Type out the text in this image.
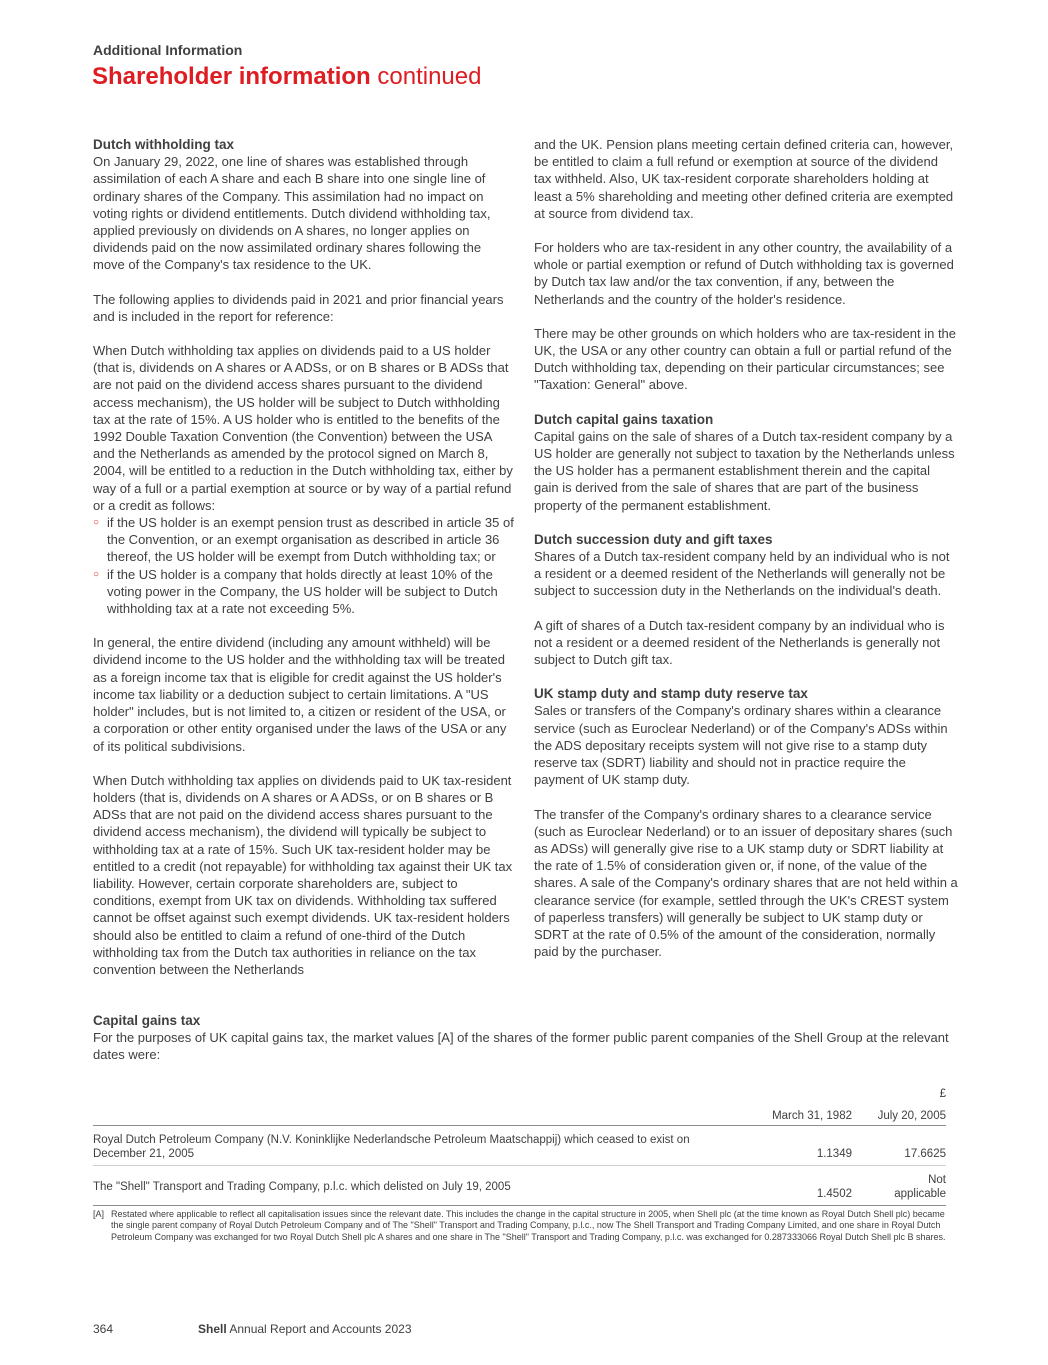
Additional Information
Shareholder information continued
Dutch withholding tax

On January 29, 2022, one line of shares was established through assimilation of each A share and each B share into one single line of ordinary shares of the Company. This assimilation had no impact on voting rights or dividend entitlements. Dutch dividend withholding tax, applied previously on dividends on A shares, no longer applies on dividends paid on the now assimilated ordinary shares following the move of the Company's tax residence to the UK.

The following applies to dividends paid in 2021 and prior financial years and is included in the report for reference:

When Dutch withholding tax applies on dividends paid to a US holder (that is, dividends on A shares or A ADSs, or on B shares or B ADSs that are not paid on the dividend access shares pursuant to the dividend access mechanism), the US holder will be subject to Dutch withholding tax at the rate of 15%. A US holder who is entitled to the benefits of the 1992 Double Taxation Convention (the Convention) between the USA and the Netherlands as amended by the protocol signed on March 8, 2004, will be entitled to a reduction in the Dutch withholding tax, either by way of a full or a partial exemption at source or by way of a partial refund or a credit as follows:

○ if the US holder is an exempt pension trust as described in article 35 of the Convention, or an exempt organisation as described in article 36 thereof, the US holder will be exempt from Dutch withholding tax; or
○ if the US holder is a company that holds directly at least 10% of the voting power in the Company, the US holder will be subject to Dutch withholding tax at a rate not exceeding 5%.

In general, the entire dividend (including any amount withheld) will be dividend income to the US holder and the withholding tax will be treated as a foreign income tax that is eligible for credit against the US holder's income tax liability or a deduction subject to certain limitations. A "US holder" includes, but is not limited to, a citizen or resident of the USA, or a corporation or other entity organised under the laws of the USA or any of its political subdivisions.

When Dutch withholding tax applies on dividends paid to UK tax-resident holders (that is, dividends on A shares or A ADSs, or on B shares or B ADSs that are not paid on the dividend access shares pursuant to the dividend access mechanism), the dividend will typically be subject to withholding tax at a rate of 15%. Such UK tax-resident holder may be entitled to a credit (not repayable) for withholding tax against their UK tax liability. However, certain corporate shareholders are, subject to conditions, exempt from UK tax on dividends. Withholding tax suffered cannot be offset against such exempt dividends. UK tax-resident holders should also be entitled to claim a refund of one-third of the Dutch withholding tax from the Dutch tax authorities in reliance on the tax convention between the Netherlands

and the UK. Pension plans meeting certain defined criteria can, however, be entitled to claim a full refund or exemption at source of the dividend tax withheld. Also, UK tax-resident corporate shareholders holding at least a 5% shareholding and meeting other defined criteria are exempted at source from dividend tax.

For holders who are tax-resident in any other country, the availability of a whole or partial exemption or refund of Dutch withholding tax is governed by Dutch tax law and/or the tax convention, if any, between the Netherlands and the country of the holder's residence.

There may be other grounds on which holders who are tax-resident in the UK, the USA or any other country can obtain a full or partial refund of the Dutch withholding tax, depending on their particular circumstances; see "Taxation: General" above.

Dutch capital gains taxation

Capital gains on the sale of shares of a Dutch tax-resident company by a US holder are generally not subject to taxation by the Netherlands unless the US holder has a permanent establishment therein and the capital gain is derived from the sale of shares that are part of the business property of the permanent establishment.

Dutch succession duty and gift taxes

Shares of a Dutch tax-resident company held by an individual who is not a resident or a deemed resident of the Netherlands will generally not be subject to succession duty in the Netherlands on the individual's death.

A gift of shares of a Dutch tax-resident company by an individual who is not a resident or a deemed resident of the Netherlands is generally not subject to Dutch gift tax.

UK stamp duty and stamp duty reserve tax

Sales or transfers of the Company's ordinary shares within a clearance service (such as Euroclear Nederland) or of the Company's ADSs within the ADS depositary receipts system will not give rise to a stamp duty reserve tax (SDRT) liability and should not in practice require the payment of UK stamp duty.

The transfer of the Company's ordinary shares to a clearance service (such as Euroclear Nederland) or to an issuer of depositary shares (such as ADSs) will generally give rise to a UK stamp duty or SDRT liability at the rate of 1.5% of consideration given or, if none, of the value of the shares. A sale of the Company's ordinary shares that are not held within a clearance service (for example, settled through the UK's CREST system of paperless transfers) will generally be subject to UK stamp duty or SDRT at the rate of 0.5% of the amount of the consideration, normally paid by the purchaser.

Capital gains tax

For the purposes of UK capital gains tax, the market values [A] of the shares of the former public parent companies of the Shell Group at the relevant dates were:

		£
	March 31, 1982	July 20, 2005
Royal Dutch Petroleum Company (N.V. Koninklijke Nederlandsche Petroleum Maatschappij) which ceased to exist on December 21, 2005	1.1349	17.6625
The "Shell" Transport and Trading Company, p.l.c. which delisted on July 19, 2005	1.4502	Not applicable
[A] Restated where applicable to reflect all capitalisation issues since the relevant date. This includes the change in the capital structure in 2005, when Shell plc (at the time known as Royal Dutch Shell plc) became the single parent company of Royal Dutch Petroleum Company and of The "Shell" Transport and Trading Company, p.l.c., now The Shell Transport and Trading Company Limited, and one share in Royal Dutch Petroleum Company was exchanged for two Royal Dutch Shell plc A shares and one share in The "Shell" Transport and Trading Company, p.l.c. was exchanged for 0.287333066 Royal Dutch Shell plc B shares.
364	Shell Annual Report and Accounts 2023
